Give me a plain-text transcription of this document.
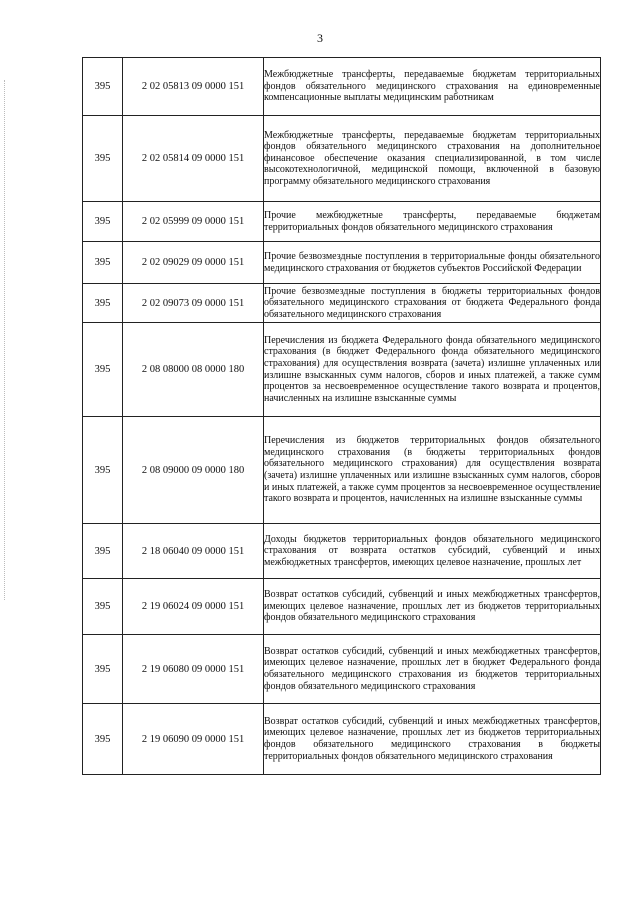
3
395	2 02 05813 09 0000 151	Межбюджетные трансферты, передаваемые бюджетам территориальных фондов обязательного медицинского страхования на единовременные компенсационные выплаты медицинским работникам
395	2 02 05814 09 0000 151	Межбюджетные трансферты, передаваемые бюджетам территориальных фондов обязательного медицинского страхования на дополнительное финансовое обеспечение оказания специализированной, в том числе высокотехнологичной, медицинской помощи, включенной в базовую программу обязательного медицинского страхования
395	2 02 05999 09 0000 151	Прочие межбюджетные трансферты, передаваемые бюджетам территориальных фондов обязательного медицинского страхования
395	2 02 09029 09 0000 151	Прочие безвозмездные поступления в территориальные фонды обязательного медицинского страхования от бюджетов субъектов Российской Федерации
395	2 02 09073 09 0000 151	Прочие безвозмездные поступления в бюджеты территориальных фондов обязательного медицинского страхования от бюджета Федерального фонда обязательного медицинского страхования
395	2 08 08000 08 0000 180	Перечисления из бюджета Федерального фонда обязательного медицинского страхования (в бюджет Федерального фонда обязательного медицинского страхования) для осуществления возврата (зачета) излишне уплаченных или излишне взысканных сумм налогов, сборов и иных платежей, а также сумм процентов за несвоевременное осуществление такого возврата и процентов, начисленных на излишне взысканные суммы
395	2 08 09000 09 0000 180	Перечисления из бюджетов территориальных фондов обязательного медицинского страхования (в бюджеты территориальных фондов обязательного медицинского страхования) для осуществления возврата (зачета) излишне уплаченных или излишне взысканных сумм налогов, сборов и иных платежей, а также сумм процентов за несвоевременное осуществление такого возврата и процентов, начисленных на излишне взысканные суммы
395	2 18 06040 09 0000 151	Доходы бюджетов территориальных фондов обязательного медицинского страхования от возврата остатков субсидий, субвенций и иных межбюджетных трансфертов, имеющих целевое назначение, прошлых лет
395	2 19 06024 09 0000 151	Возврат остатков субсидий, субвенций и иных межбюджетных трансфертов, имеющих целевое назначение, прошлых лет из бюджетов территориальных фондов обязательного медицинского страхования
395	2 19 06080 09 0000 151	Возврат остатков субсидий, субвенций и иных межбюджетных трансфертов, имеющих целевое назначение, прошлых лет в бюджет Федерального фонда обязательного медицинского страхования из бюджетов территориальных фондов обязательного медицинского страхования
395	2 19 06090 09 0000 151	Возврат остатков субсидий, субвенций и иных межбюджетных трансфертов, имеющих целевое назначение, прошлых лет из бюджетов территориальных фондов обязательного медицинского страхования в бюджеты территориальных фондов обязательного медицинского страхования
